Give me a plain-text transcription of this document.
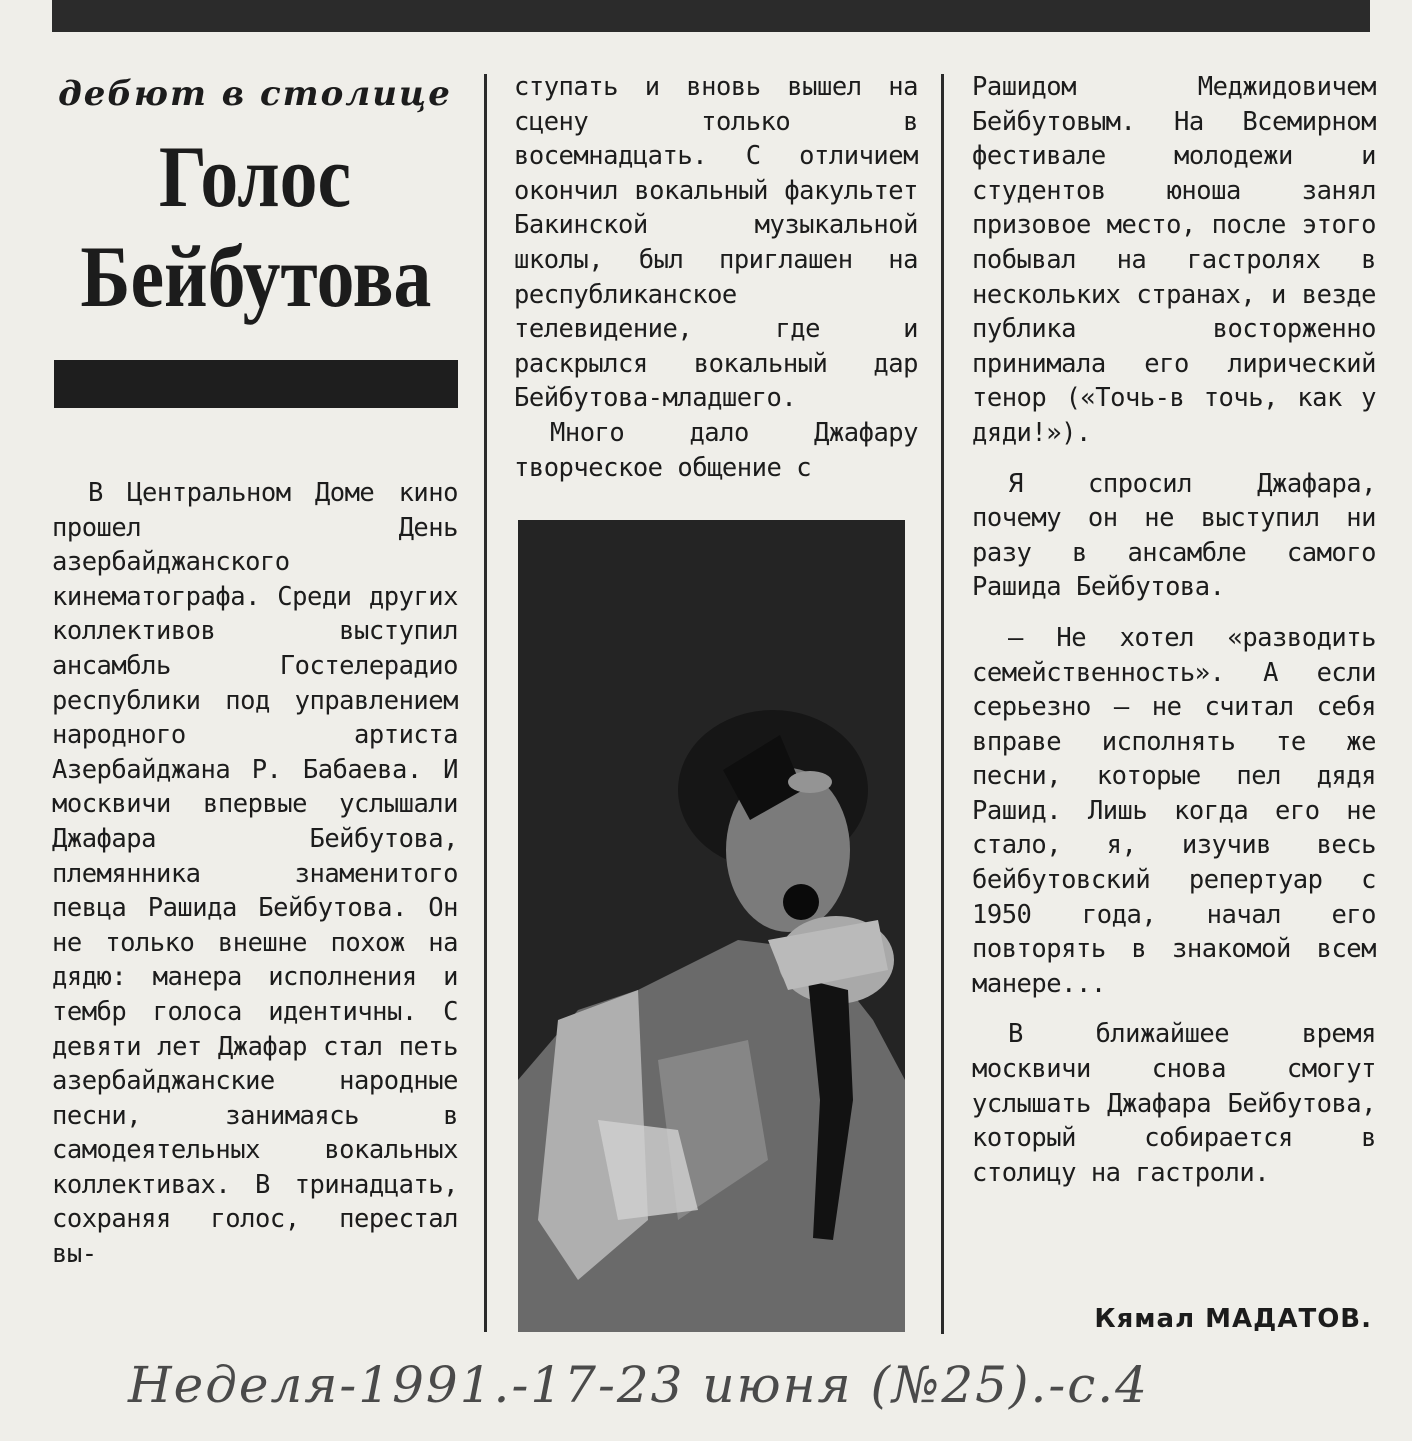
дебют в столице
Голос
Бейбутова

В Центральном Доме кино прошел День азербайджанского кинематографа. Среди других коллективов выступил ансамбль Гостелерадио республики под управлением народного артиста Азербайджана Р. Бабаева. И москвичи впервые услышали Джафара Бейбутова, племянника знаменитого певца Рашида Бейбутова. Он не только внешне похож на дядю: манера исполнения и тембр голоса идентичны. С девяти лет Джафар стал петь азербайджанские народные песни, занимаясь в самодеятельных вокальных коллективах. В тринадцать, сохраняя голос, перестал вы-

ступать и вновь вышел на сцену только в восемнадцать. С отличием окончил вокальный факультет Бакинской музыкальной школы, был приглашен на республиканское телевидение, где и раскрылся вокальный дар Бейбутова-младшего.

Много дало Джафару творческое общение с

Рашидом Меджидовичем Бейбутовым. На Всемирном фестивале молодежи и студентов юноша занял призовое место, после этого побывал на гастролях в нескольких странах, и везде публика восторженно принимала его лирический тенор («Точь-в точь, как у дяди!»).

Я спросил Джафара, почему он не выступил ни разу в ансамбле самого Рашида Бейбутова.

— Не хотел «разводить семейственность». А если серьезно — не считал себя вправе исполнять те же песни, которые пел дядя Рашид. Лишь когда его не стало, я, изучив весь бейбутовский репертуар с 1950 года, начал его повторять в знакомой всем манере...

В ближайшее время москвичи снова смогут услышать Джафара Бейбутова, который собирается в столицу на гастроли.

Кямал МАДАТОВ.
Неделя-1991.-17-23 июня (№25).-с.4
